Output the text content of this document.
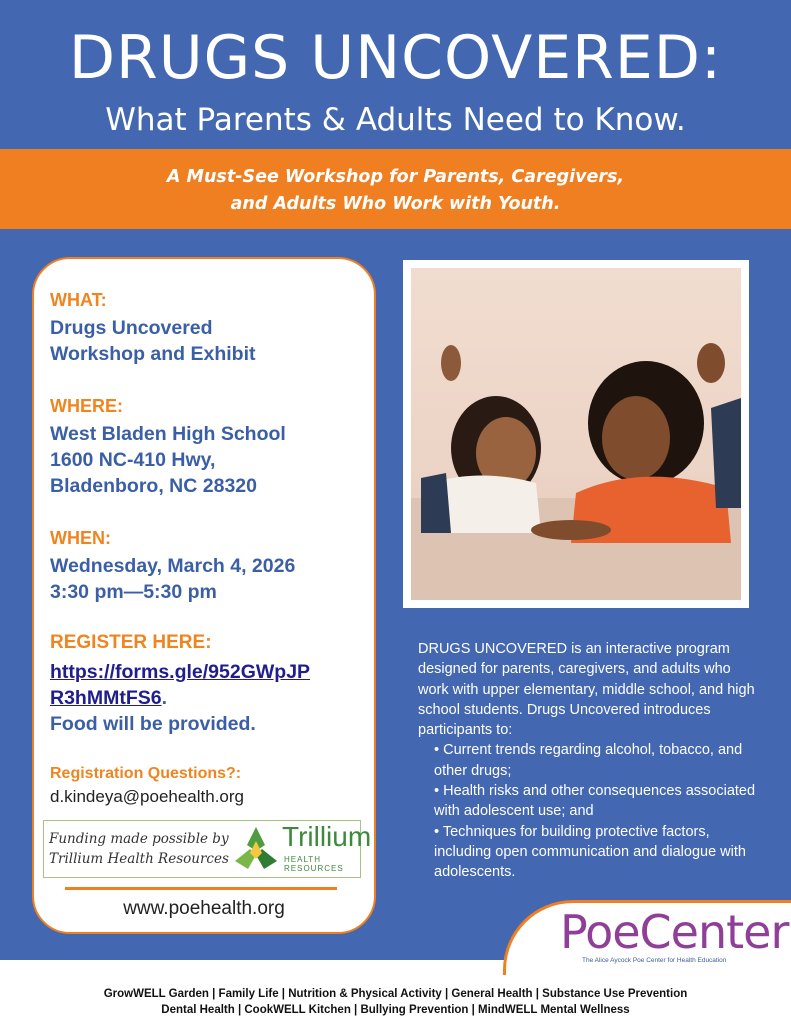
DRUGS UNCOVERED:
What Parents & Adults Need to Know.
A Must-See Workshop for Parents, Caregivers,
and Adults Who Work with Youth.
WHAT:
Drugs Uncovered
Workshop and Exhibit
WHERE:
West Bladen High School
1600 NC-410 Hwy,
Bladenboro, NC 28320
WHEN:
Wednesday, March 4, 2026
3:30 pm—5:30 pm
REGISTER HERE:
https://forms.gle/952GWpJP
R3hMMtFS6.
Food will be provided.
Registration Questions?:
d.kindeya@poehealth.org
Funding made possible by
Trillium Health Resources
Trillium
HEALTH RESOURCES
www.poehealth.org
DRUGS UNCOVERED is an interactive program designed for parents, caregivers, and adults who work with upper elementary, middle school, and high school students. Drugs Uncovered introduces participants to:
• Current trends regarding alcohol, tobacco, and other drugs;
• Health risks and other consequences associated with adolescent use; and
• Techniques for building protective factors, including open communication and dialogue with adolescents.
PoeCenter
The Alice Aycock Poe Center for Health Education
GrowWELL Garden | Family Life | Nutrition & Physical Activity | General Health | Substance Use Prevention
Dental Health | CookWELL Kitchen | Bullying Prevention | MindWELL Mental Wellness
